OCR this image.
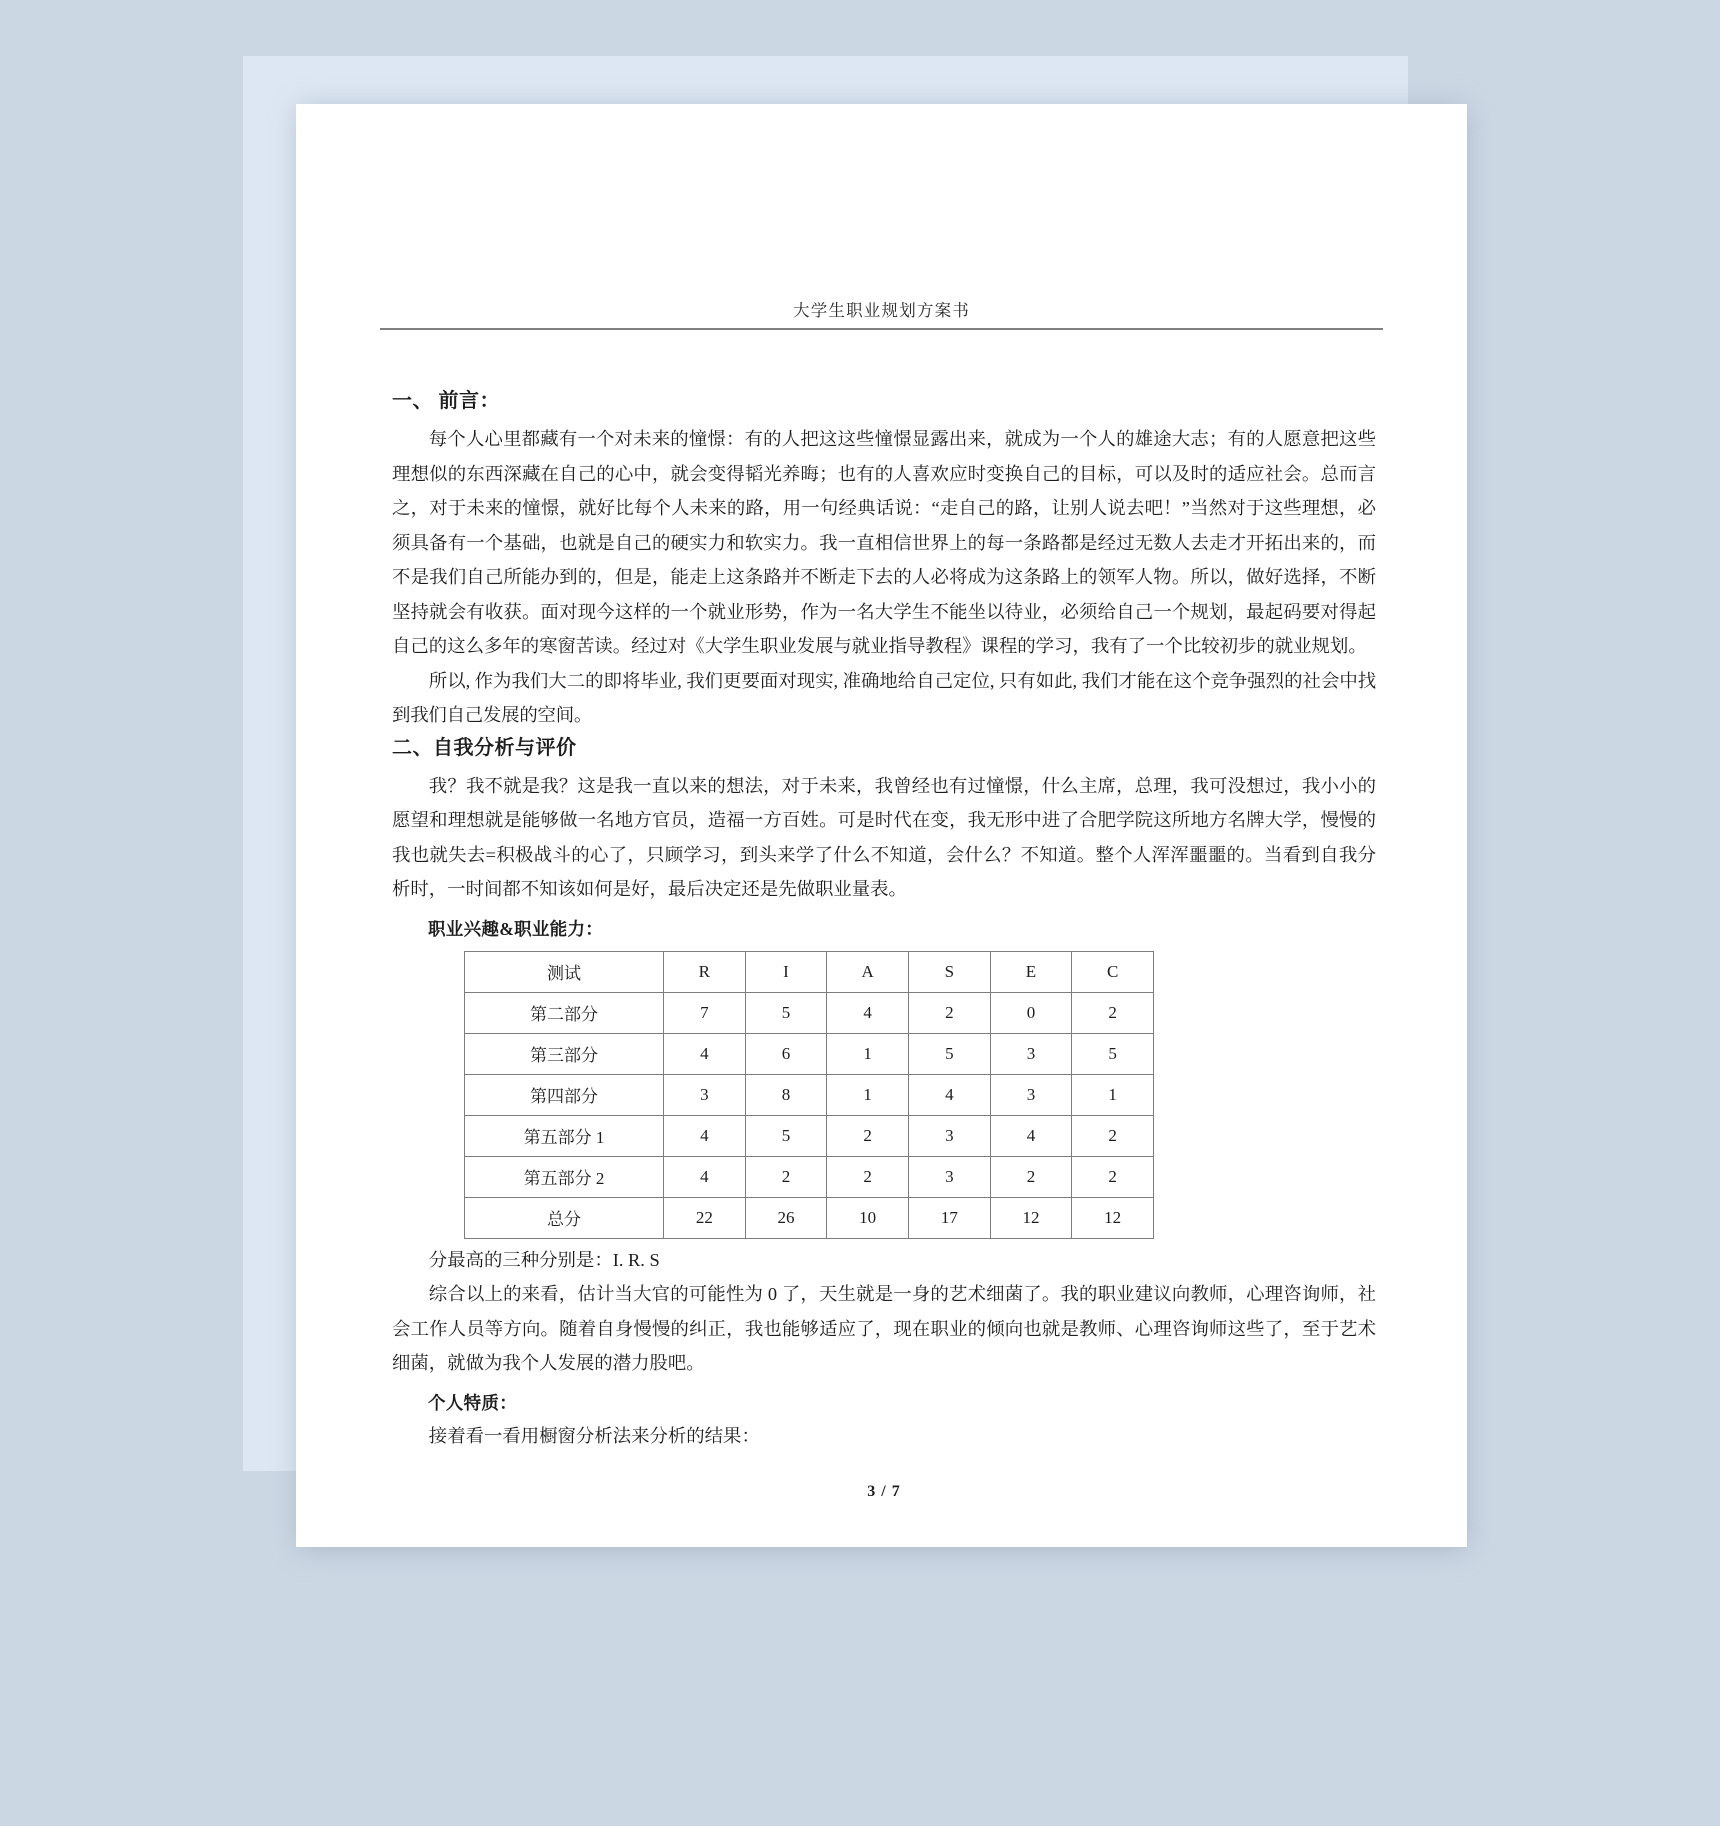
大学生职业规划方案书
一、 前言：

每个人心里都藏有一个对未来的憧憬：有的人把这这些憧憬显露出来，就成为一个人的雄途大志；有的人愿意把这些理想似的东西深藏在自己的心中，就会变得韬光养晦；也有的人喜欢应时变换自己的目标，可以及时的适应社会。总而言之，对于未来的憧憬，就好比每个人未来的路，用一句经典话说：“走自己的路，让别人说去吧！”当然对于这些理想，必须具备有一个基础，也就是自己的硬实力和软实力。我一直相信世界上的每一条路都是经过无数人去走才开拓出来的，而不是我们自己所能办到的，但是，能走上这条路并不断走下去的人必将成为这条路上的领军人物。所以，做好选择，不断坚持就会有收获。面对现今这样的一个就业形势，作为一名大学生不能坐以待业，必须给自己一个规划，最起码要对得起自己的这么多年的寒窗苦读。经过对《大学生职业发展与就业指导教程》课程的学习，我有了一个比较初步的就业规划。

所以, 作为我们大二的即将毕业, 我们更要面对现实, 准确地给自己定位, 只有如此, 我们才能在这个竞争强烈的社会中找到我们自己发展的空间。

二、自我分析与评价

我？我不就是我？这是我一直以来的想法，对于未来，我曾经也有过憧憬，什么主席，总理，我可没想过，我小小的愿望和理想就是能够做一名地方官员，造福一方百姓。可是时代在变，我无形中进了合肥学院这所地方名牌大学，慢慢的我也就失去=积极战斗的心了，只顾学习，到头来学了什么不知道，会什么？不知道。整个人浑浑噩噩的。当看到自我分析时，一时间都不知该如何是好，最后决定还是先做职业量表。

职业兴趣&职业能力：
测试	R	I	A	S	E	C
第二部分	7	5	4	2	0	2
第三部分	4	6	1	5	3	5
第四部分	3	8	1	4	3	1
第五部分 1	4	5	2	3	4	2
第五部分 2	4	2	2	3	2	2
总分	22	26	10	17	12	12

分最高的三种分别是：I. R. S

综合以上的来看，估计当大官的可能性为 0 了，天生就是一身的艺术细菌了。我的职业建议向教师，心理咨询师，社会工作人员等方向。随着自身慢慢的纠正，我也能够适应了，现在职业的倾向也就是教师、心理咨询师这些了，至于艺术细菌，就做为我个人发展的潜力股吧。

个人特质：

接着看一看用橱窗分析法来分析的结果：

3 / 7
